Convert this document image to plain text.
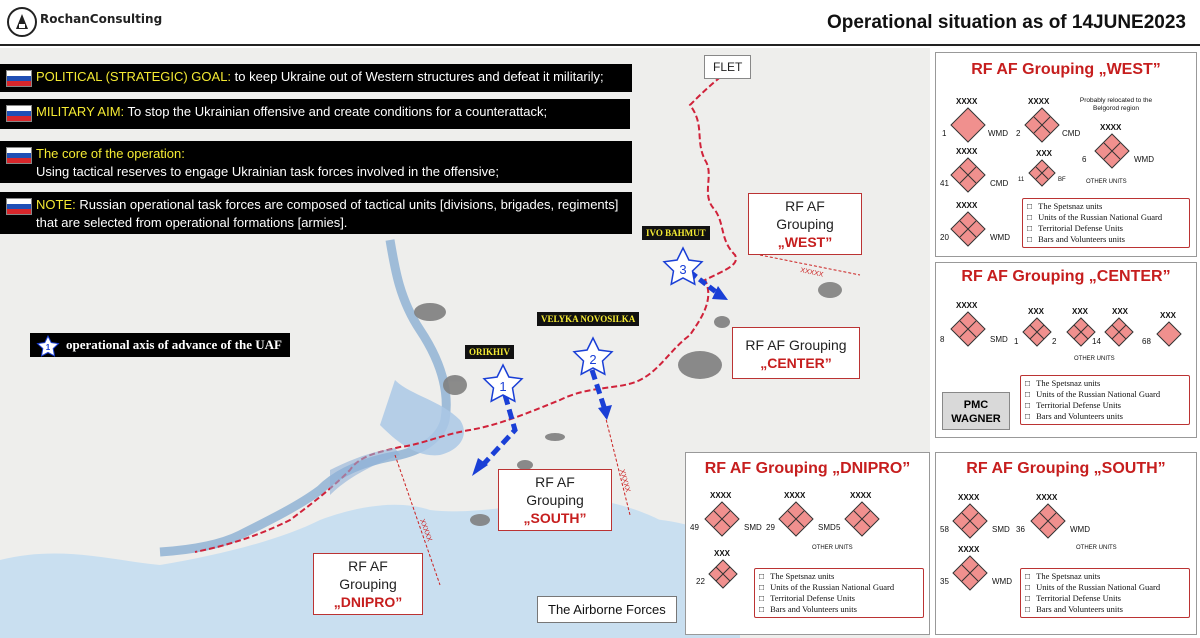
RochanConsulting	Operational situation as of 14JUNE2023
XXXXX
XXXXX
XXXXX
1
2
3
POLITICAL (STRATEGIC) GOAL: to keep Ukraine out of Western structures and defeat it militarily;
MILITARY AIM: To stop the Ukrainian offensive and create conditions for a counterattack;
The core of the operation:
Using tactical reserves to engage Ukrainian task forces involved in the offensive;
NOTE: Russian operational task forces are composed of tactical units [divisions, brigades, regiments] that are selected from operational formations [armies].
1 operational axis of advance of the UAF
FLET
IVO BAHMUT
VELYKA NOVOSILKA
ORIKHIV
RF AF Grouping
„WEST”
RF AF Grouping
„CENTER”
RF AF Grouping
„SOUTH”
RF AF Grouping
„DNIPRO”	The Airborne Forces
RF AF Grouping „WEST”
Probably relocated to the Belgorod region
XXXX
1	WMD
XXXX
2	CMD
XXXX
6	WMD
XXXX
41	CMD
XXX
11	BF
XXXX
20	WMD
OTHER UNITS
□ The Spetsnaz units
□ Units of the Russian National Guard
□ Territorial Defense Units
□ Bars and Volunteers units
RF AF Grouping „CENTER”
XXXX
8	SMD
XXX
1
XXX
2
XXX
14
XXX
68
OTHER UNITS
□ The Spetsnaz units
□ Units of the Russian National Guard
□ Territorial Defense Units
□ Bars and Volunteers units
PMC WAGNER
RF AF Grouping „DNIPRO”
XXXX
49	SMD
XXXX
29	SMD
XXXX
5
XXX
22
OTHER UNITS
□ The Spetsnaz units
□ Units of the Russian National Guard
□ Territorial Defense Units
□ Bars and Volunteers units
RF AF Grouping „SOUTH”
XXXX
58	SMD
XXXX
36	WMD
XXXX
35	WMD
OTHER UNITS
□ The Spetsnaz units
□ Units of the Russian National Guard
□ Territorial Defense Units
□ Bars and Volunteers units
